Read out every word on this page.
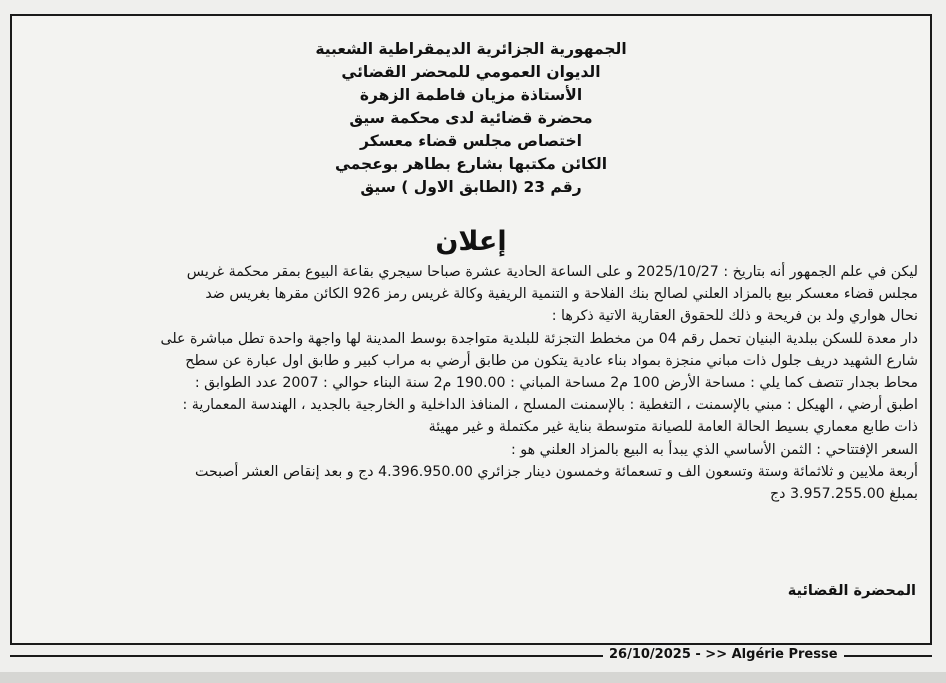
الجمهورية الجزائرية الديمقراطية الشعبية

الديوان العمومي للمحضر القضائي

الأستاذة مزيان فاطمة الزهرة

محضرة قضائية لدى محكمة سيق

اختصاص مجلس قضاء معسكر

الكائن مكتبها بشارع بطاهر بوعجمي

رقم 23 (الطابق الاول ) سيق

إعلان

ليكن في علم الجمهور أنه بتاريخ : 2025/10/27 و على الساعة الحادية عشرة صباحا سيجري بقاعة البيوع بمقر محكمة غريس

مجلس قضاء معسكر بيع بالمزاد العلني لصالح بنك الفلاحة و التنمية الريفية وكالة غريس رمز 926 الكائن مقرها بغريس ضد

نحال هواري ولد بن فريحة و ذلك للحقوق العقارية الاتية ذكرها :

دار معدة للسكن ببلدية البنيان تحمل رقم 04 من مخطط التجزئة للبلدية متواجدة بوسط المدينة لها واجهة واحدة تطل مباشرة على

شارع الشهيد دريف جلول ذات مباني منجزة بمواد بناء عادية يتكون من طابق أرضي به مراب كبير و طابق اول عبارة عن سطح

محاط بجدار تتصف كما يلي : مساحة الأرض 100 م2 مساحة المباني : 190.00 م2 سنة البناء حوالي : 2007 عدد الطوابق :

اطبق أرضي ، الهيكل : مبني بالإسمنت ، التغطية : بالإسمنت المسلح ، المنافذ الداخلية و الخارجية بالجديد ، الهندسة المعمارية :

ذات طابع معماري بسيط الحالة العامة للصيانة متوسطة بناية غير مكتملة و غير مهيئة

السعر الإفتتاحي : الثمن الأساسي الذي يبدأ به البيع بالمزاد العلني هو :

أربعة ملايين و ثلاثمائة وستة وتسعون الف و تسعمائة وخمسون دينار جزائري 4.396.950.00 دج و بعد إنقاص العشر أصبحت

بمبلغ 3.957.255.00 دج

المحضرة القضائية
26/10/2025 - >> Algérie Presse
